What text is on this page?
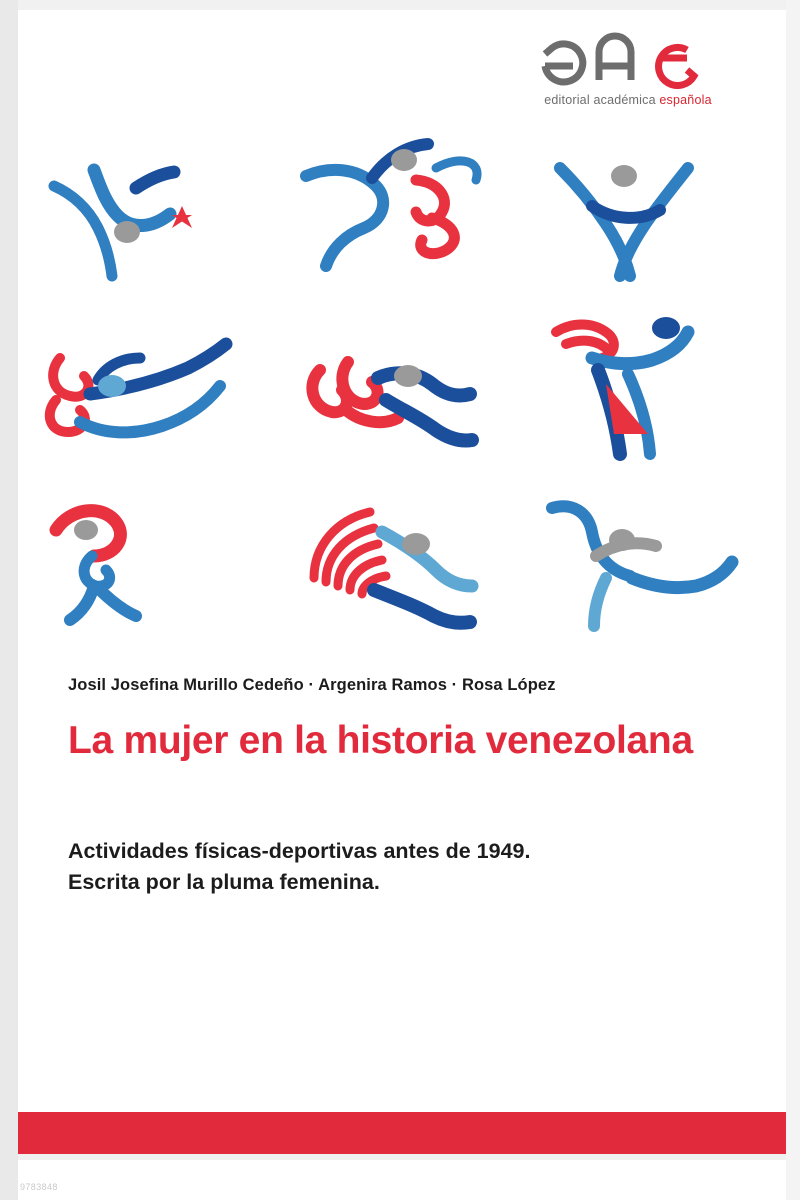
editorial académica española
Josil Josefina Murillo Cedeño · Argenira Ramos · Rosa López
La mujer en la historia venezolana
Actividades físicas-deportivas antes de 1949.
Escrita por la pluma femenina.
9783848
